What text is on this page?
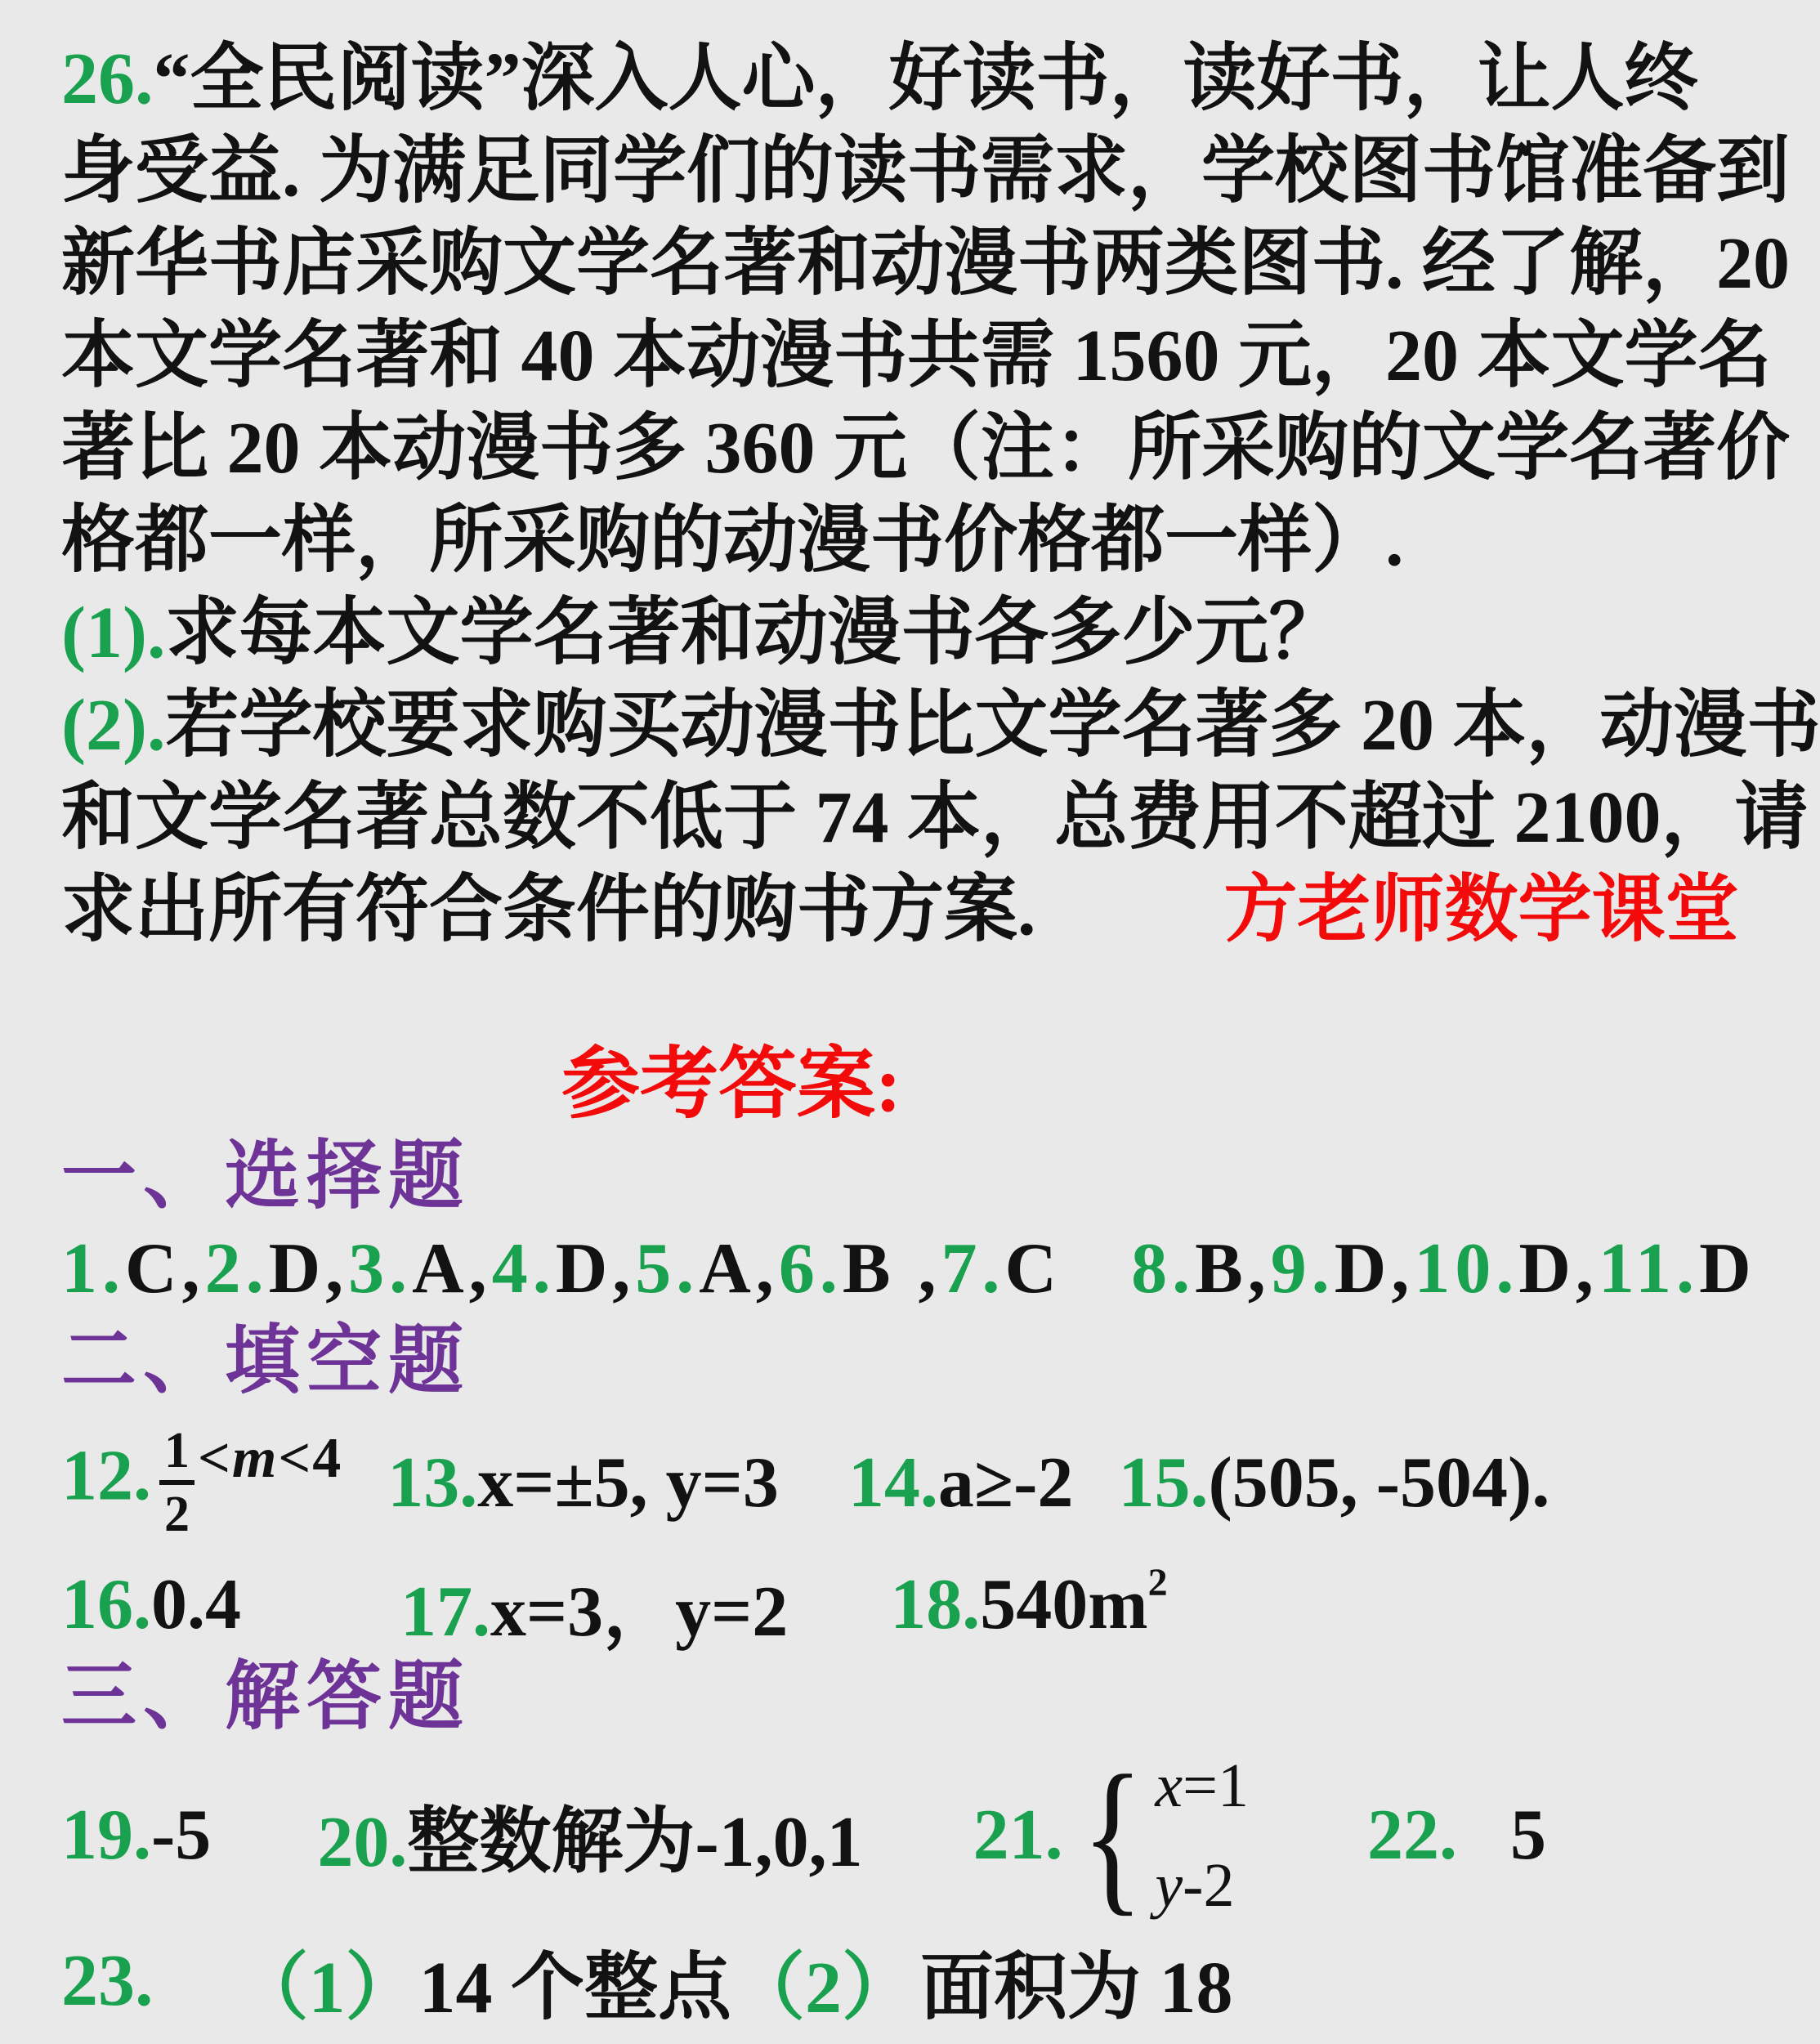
26.“全民阅读”深入人心，好读书，读好书，让人终
身受益. 为满足同学们的读书需求，学校图书馆准备到
新华书店采购文学名著和动漫书两类图书. 经了解，20
本文学名著和 40 本动漫书共需 1560 元，20 本文学名
著比 20 本动漫书多 360 元（注：所采购的文学名著价
格都一样，所采购的动漫书价格都一样）.
(1).求每本文学名著和动漫书各多少元？
(2).若学校要求购买动漫书比文学名著多 20 本，动漫书
和文学名著总数不低于 74 本，总费用不超过 2100，请
求出所有符合条件的购书方案.	方老师数学课堂
参考答案:
一、选择题
1.C,2.D,3.A,4.D,5.A,6.B ,7.C 8.B,9.D,10.D,11.D
二、填空题
12. $\frac{1}{2} ^{<m<4}$ 13.x=±5, y=3 14.a≥-2 15.(505, -504).
16.0.4 17.x=3，y=2 $18.540m^2$
三、解答题
19.-5 20.整数解为-1,0,1 21. { x=1
y-2
22. 5
23. （1） 14 个整点 （2） 面积为 18
